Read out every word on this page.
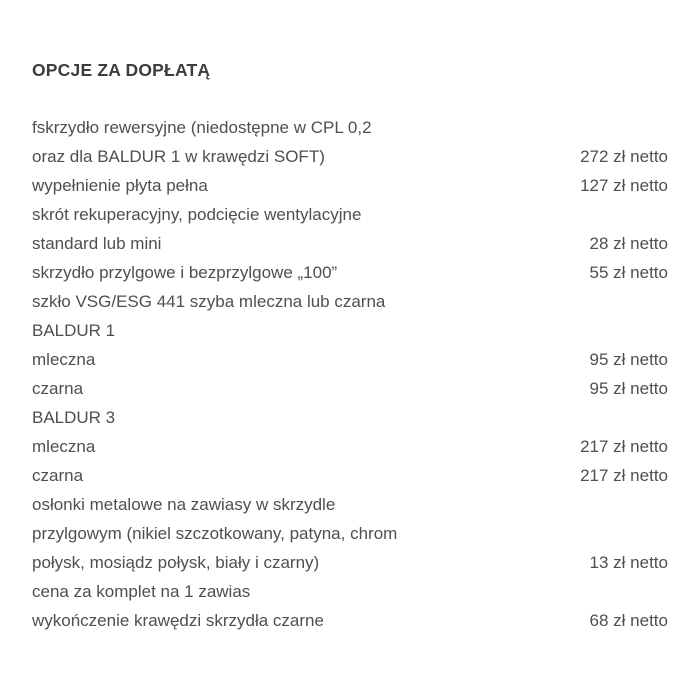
OPCJE ZA DOPŁATĄ
fskrzydło rewersyjne (niedostępne w CPL 0,2
oraz dla BALDUR 1 w krawędzi SOFT)	272 zł netto
wypełnienie płyta pełna	127 zł netto
skrót rekuperacyjny, podcięcie wentylacyjne
standard lub mini	28 zł netto
skrzydło przylgowe i bezprzylgowe „100”	55 zł netto
szkło VSG/ESG 441 szyba mleczna lub czarna
BALDUR 1
mleczna	95 zł netto
czarna	95 zł netto
BALDUR 3
mleczna	217 zł netto
czarna	217 zł netto
osłonki metalowe na zawiasy w skrzydle
przylgowym (nikiel szczotkowany, patyna, chrom
połysk, mosiądz połysk, biały i czarny)	13 zł netto
cena za komplet na 1 zawias
wykończenie krawędzi skrzydła czarne	68 zł netto
